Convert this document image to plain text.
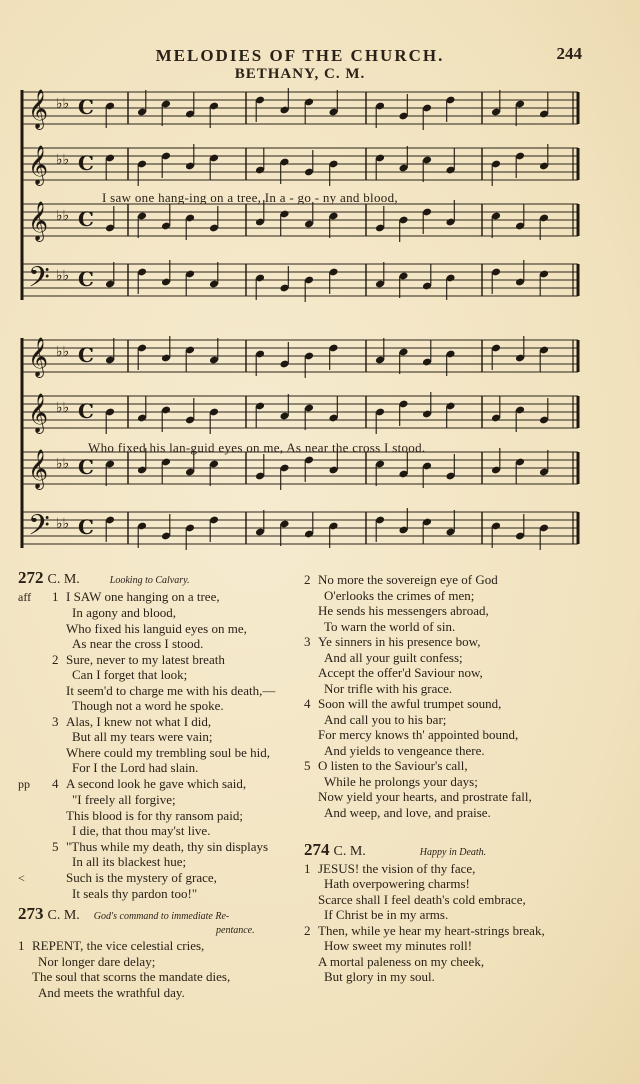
MELODIES OF THE CHURCH.	244
BETHANY, C. M.
𝄞 ♭♭ C
𝄞 ♭♭ C
𝄞 ♭♭ C
𝄢 ♭♭ C
I saw one hang-ing on a tree, In a - go - ny and blood,
𝄞 ♭♭ C
𝄞 ♭♭ C
𝄞 ♭♭ C
𝄢 ♭♭ C
Who fixed his lan-guid eyes on me, As near the cross I stood.
272 C. M.	Looking to Calvary.
aff 1 I SAW one hanging on a tree,
In agony and blood,
Who fixed his languid eyes on me,
As near the cross I stood.
2 Sure, never to my latest breath
Can I forget that look;
It seem'd to charge me with his death,—
Though not a word he spoke.
3 Alas, I knew not what I did,
But all my tears were vain;
Where could my trembling soul be hid,
For I the Lord had slain.
pp 4 A second look he gave which said,
"I freely all forgive;
This blood is for thy ransom paid;
I die, that thou may'st live.
5 "Thus while my death, thy sin displays
In all its blackest hue;
<	Such is the mystery of grace,
It seals thy pardon too!"
273 C. M. God's command to immediate Re-
pentance.
1 REPENT, the vice celestial cries,
Nor longer dare delay;
The soul that scorns the mandate dies,
And meets the wrathful day.
2 No more the sovereign eye of God
O'erlooks the crimes of men;
He sends his messengers abroad,
To warn the world of sin.
3 Ye sinners in his presence bow,
And all your guilt confess;
Accept the offer'd Saviour now,
Nor trifle with his grace.
4 Soon will the awful trumpet sound,
And call you to his bar;
For mercy knows th' appointed bound,
And yields to vengeance there.
5 O listen to the Saviour's call,
While he prolongs your days;
Now yield your hearts, and prostrate fall,
And weep, and love, and praise.
274 C. M.	Happy in Death.
1 JESUS! the vision of thy face,
Hath overpowering charms!
Scarce shall I feel death's cold embrace,
If Christ be in my arms.
2 Then, while ye hear my heart-strings break,
How sweet my minutes roll!
A mortal paleness on my cheek,
But glory in my soul.
